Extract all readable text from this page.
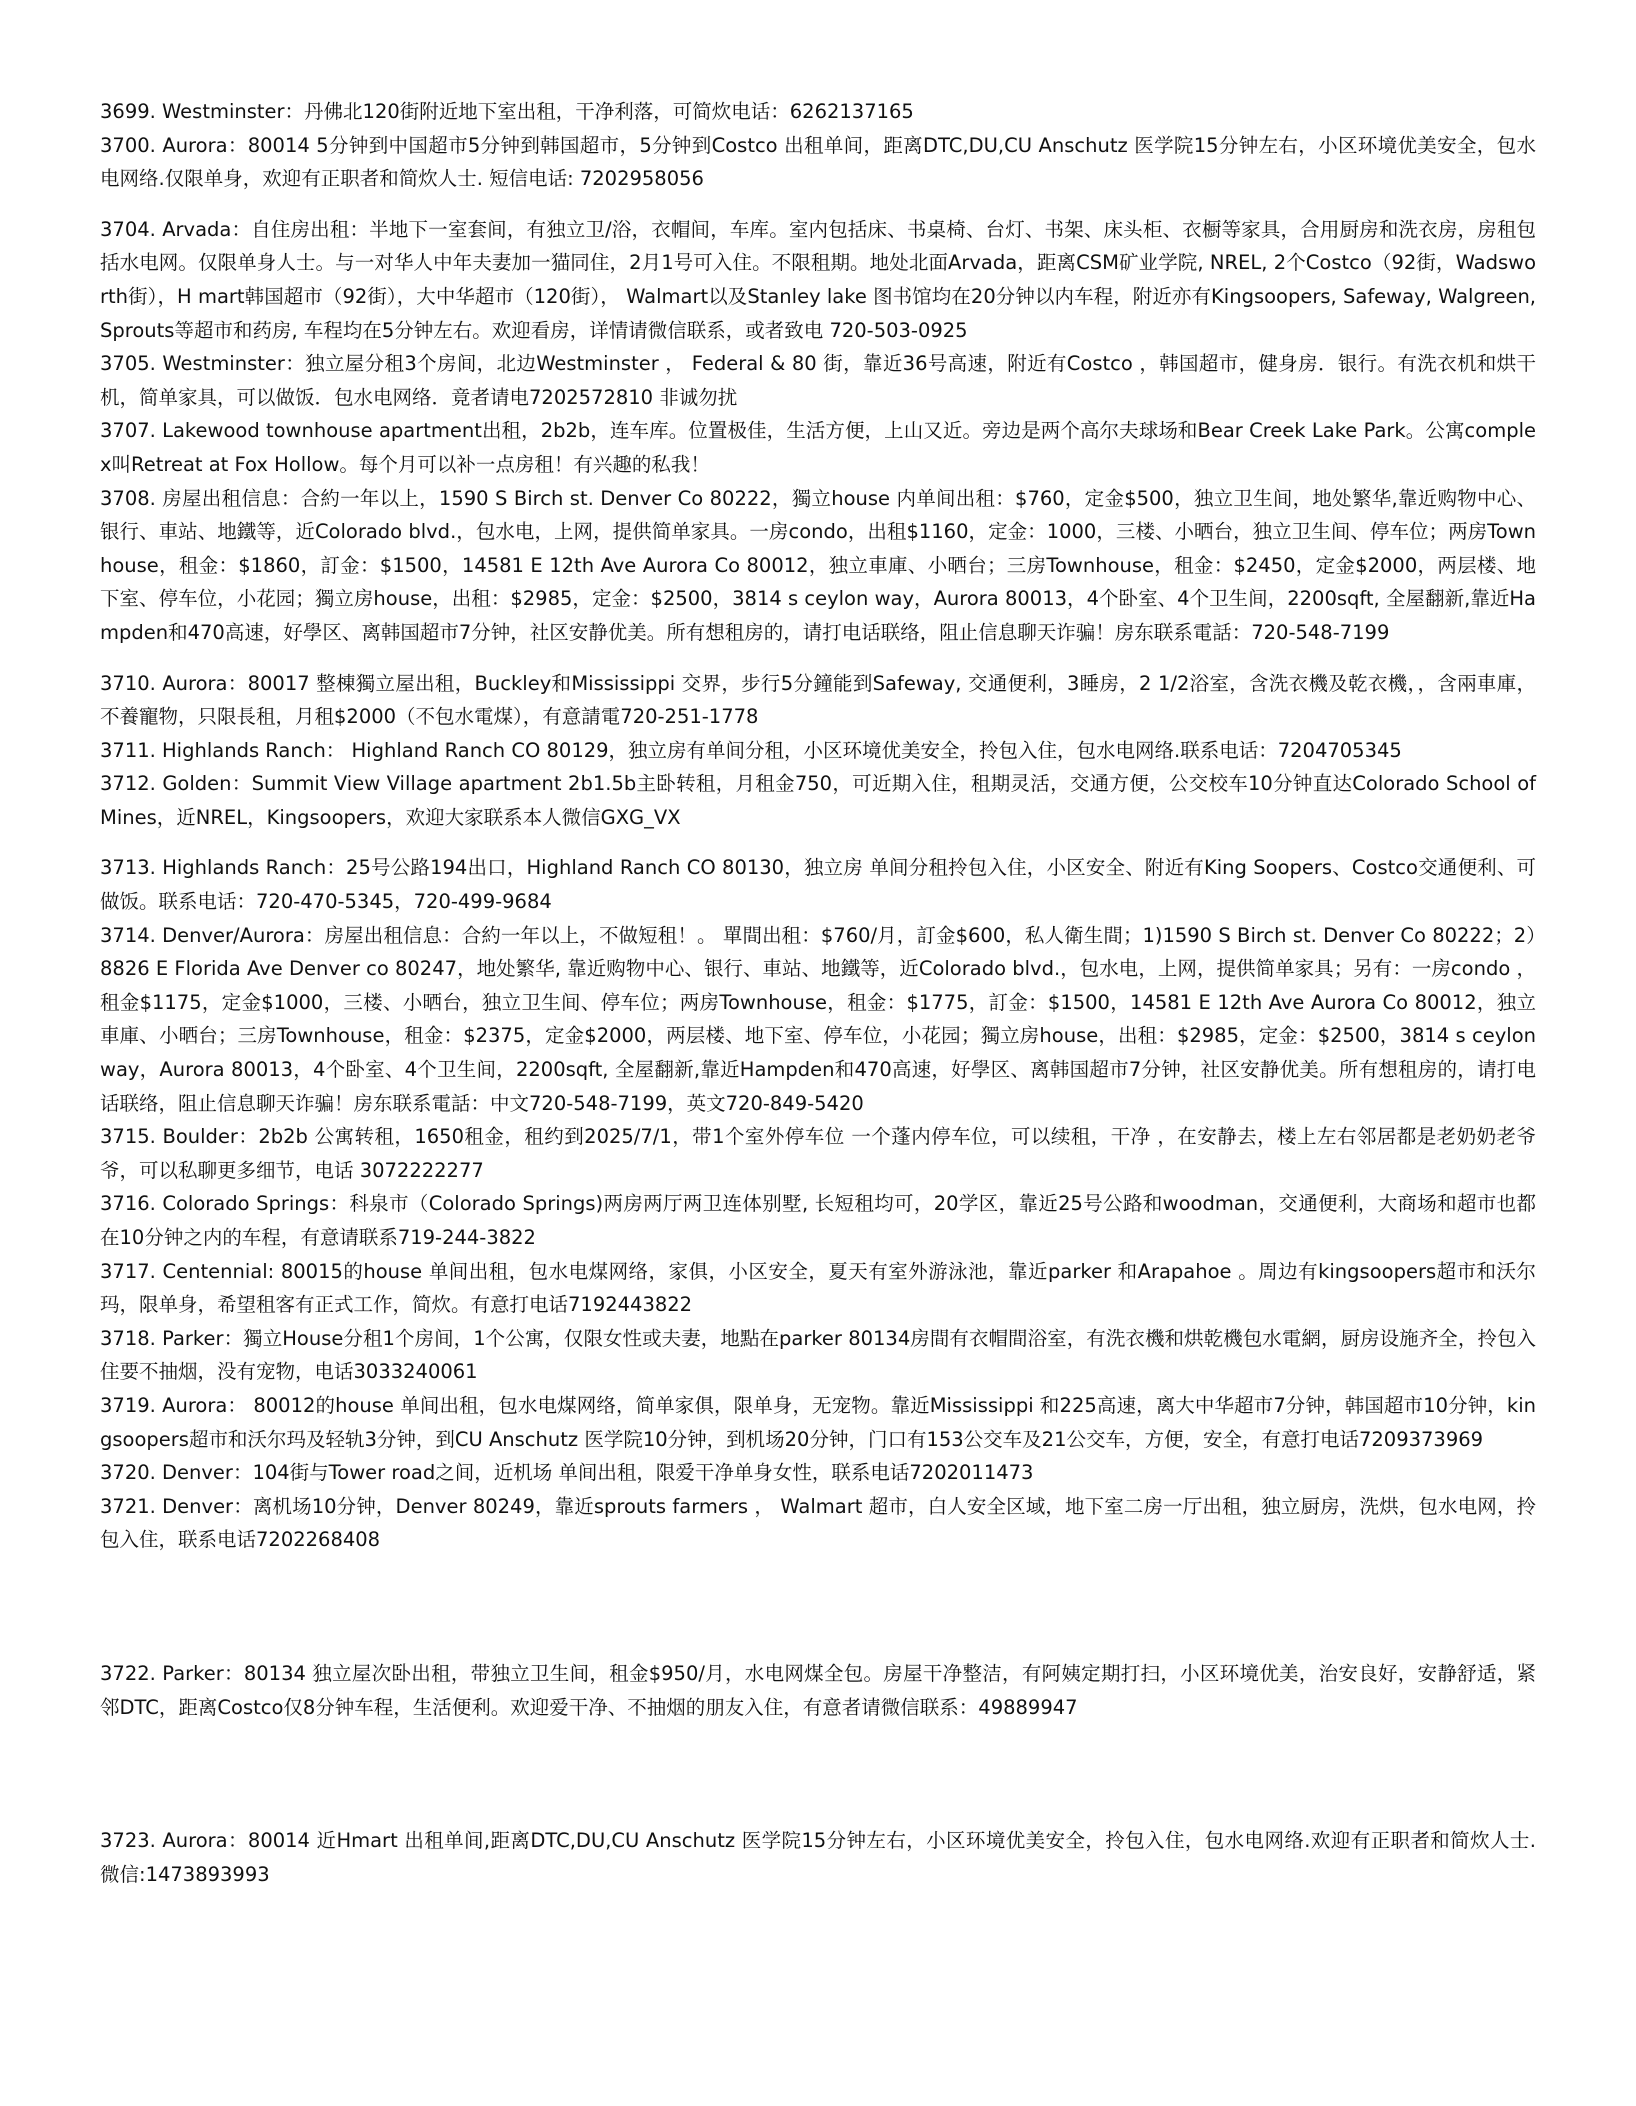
3699. Westminster：丹佛北120街附近地下室出租，干净利落，可简炊电话：6262137165

3700. Aurora：80014 5分钟到中国超市5分钟到韩国超市，5分钟到Costco 出租单间，距离DTC,DU,CU Anschutz 医学院15分钟左右，小区环境优美安全，包水电网络.仅限单身，欢迎有正职者和简炊人士. 短信电话: 7202958056

3704. Arvada：自住房出租：半地下一室套间，有独立卫/浴，衣帽间，车库。室内包括床、书桌椅、台灯、书架、床头柜、衣橱等家具，合用厨房和洗衣房，房租包括水电网。仅限单身人士。与一对华人中年夫妻加一猫同住，2月1号可入住。不限租期。地处北面Arvada，距离CSM矿业学院, NREL, 2个Costco（92街，Wadsworth街），H mart韩国超市（92街），大中华超市（120街）， Walmart以及Stanley lake 图书馆均在20分钟以内车程，附近亦有Kingsoopers, Safeway, Walgreen, Sprouts等超市和药房, 车程均在5分钟左右。欢迎看房，详情请微信联系，或者致电 720-503-0925

3705. Westminster：独立屋分租3个房间，北边Westminster ， Federal & 80 街，靠近36号高速，附近有Costco ，韩国超市，健身房．银行。有洗衣机和烘干机，简单家具，可以做饭．包水电网络．竟者请电7202572810 非诚勿扰

3707. Lakewood townhouse apartment出租，2b2b，连车库。位置极佳，生活方便，上山又近。旁边是两个高尔夫球场和Bear Creek Lake Park。公寓complex叫Retreat at Fox Hollow。每个月可以补一点房租！有兴趣的私我！

3708. 房屋出租信息：合約一年以上，1590 S Birch st. Denver Co 80222，獨立house 内单间出租：$760，定金$500，独立卫生间，地处繁华,靠近购物中心、银行、車站、地鐵等，近Colorado blvd.，包水电，上网，提供简单家具。一房condo，出租$1160，定金：1000，三楼、小晒台，独立卫生间、停车位；两房Townhouse，租金：$1860，訂金：$1500，14581 E 12th Ave Aurora Co 80012，独立車庫、小晒台；三房Townhouse，租金：$2450，定金$2000，两层楼、地下室、停车位，小花园；獨立房house，出租：$2985，定金：$2500，3814 s ceylon way，Aurora 80013，4个卧室、4个卫生间，2200sqft, 全屋翻新,靠近Hampden和470高速，好學区、离韩国超市7分钟，社区安静优美。所有想租房的，请打电话联络，阻止信息聊天诈骗！房东联系電話：720-548-7199

3710. Aurora：80017 整棟獨立屋出租，Buckley和Mississippi 交界，步行5分鐘能到Safeway, 交通便利，3睡房，2 1/2浴室，含洗衣機及乾衣機，，含兩車庫，不養寵物，只限長租，月租$2000（不包水電煤），有意請電720-251-1778

3711. Highlands Ranch： Highland Ranch CO 80129，独立房有单间分租，小区环境优美安全，拎包入住，包水电网络.联系电话：7204705345

3712. Golden：Summit View Village apartment 2b1.5b主卧转租，月租金750，可近期入住，租期灵活，交通方便，公交校车10分钟直达Colorado School of Mines，近NREL，Kingsoopers，欢迎大家联系本人微信GXG_VX

3713. Highlands Ranch：25号公路194出口，Highland Ranch CO 80130，独立房 单间分租拎包入住，小区安全、附近有King Soopers、Costco交通便利、可做饭。联系电话：720-470-5345，720-499-9684

3714. Denver/Aurora：房屋出租信息：合約一年以上，不做短租！。 單間出租：$760/月，訂金$600，私人衛生間；1)1590 S Birch st. Denver Co 80222；2）8826 E Florida Ave Denver co 80247，地处繁华, 靠近购物中心、银行、車站、地鐵等，近Colorado blvd.，包水电，上网，提供简单家具；另有：一房condo ，租金$1175，定金$1000，三楼、小晒台，独立卫生间、停车位；两房Townhouse，租金：$1775，訂金：$1500，14581 E 12th Ave Aurora Co 80012，独立車庫、小晒台；三房Townhouse，租金：$2375，定金$2000，两层楼、地下室、停车位，小花园；獨立房house，出租：$2985，定金：$2500，3814 s ceylon way，Aurora 80013，4个卧室、4个卫生间，2200sqft, 全屋翻新,靠近Hampden和470高速，好學区、离韩国超市7分钟，社区安静优美。所有想租房的，请打电话联络，阻止信息聊天诈骗！房东联系電話：中文720-548-7199，英文720-849-5420

3715. Boulder：2b2b 公寓转租，1650租金，租约到2025/7/1，带1个室外停车位 一个蓬内停车位，可以续租，干净 ，在安静去，楼上左右邻居都是老奶奶老爷爷，可以私聊更多细节，电话 3072222277

3716. Colorado Springs：科泉市（Colorado Springs)两房两厅两卫连体别墅, 长短租均可，20学区，靠近25号公路和woodman，交通便利，大商场和超市也都在10分钟之内的车程，有意请联系719-244-3822

3717. Centennial: 80015的house 单间出租，包水电煤网络，家俱，小区安全，夏天有室外游泳池，靠近parker 和Arapahoe 。周边有kingsoopers超市和沃尔玛，限单身，希望租客有正式工作，简炊。有意打电话7192443822

3718. Parker：獨立House分租1个房间，1个公寓，仅限女性或夫妻，地點在parker 80134房間有衣帽間浴室，有洗衣機和烘乾機包水電網，厨房设施齐全，拎包入住要不抽烟，没有宠物，电话3033240061

3719. Aurora： 80012的house 单间出租，包水电煤网络，简单家俱，限单身，无宠物。靠近Mississippi 和225高速，离大中华超市7分钟，韩国超市10分钟，kingsoopers超市和沃尔玛及轻轨3分钟，到CU Anschutz 医学院10分钟，到机场20分钟，门口有153公交车及21公交车，方便，安全，有意打电话7209373969

3720. Denver：104街与Tower road之间，近机场 单间出租，限爱干净单身女性，联系电话7202011473

3721. Denver：离机场10分钟，Denver 80249，靠近sprouts farmers ， Walmart 超市，白人安全区域，地下室二房一厅出租，独立厨房，洗烘，包水电网，拎包入住，联系电话7202268408

3722. Parker：80134 独立屋次卧出租，带独立卫生间，租金$950/月，水电网煤全包。房屋干净整洁，有阿姨定期打扫，小区环境优美，治安良好，安静舒适，紧邻DTC，距离Costco仅8分钟车程，生活便利。欢迎爱干净、不抽烟的朋友入住，有意者请微信联系：49889947

3723. Aurora：80014 近Hmart 出租单间,距离DTC,DU,CU Anschutz 医学院15分钟左右，小区环境优美安全，拎包入住，包水电网络.欢迎有正职者和简炊人士. 微信:1473893993
